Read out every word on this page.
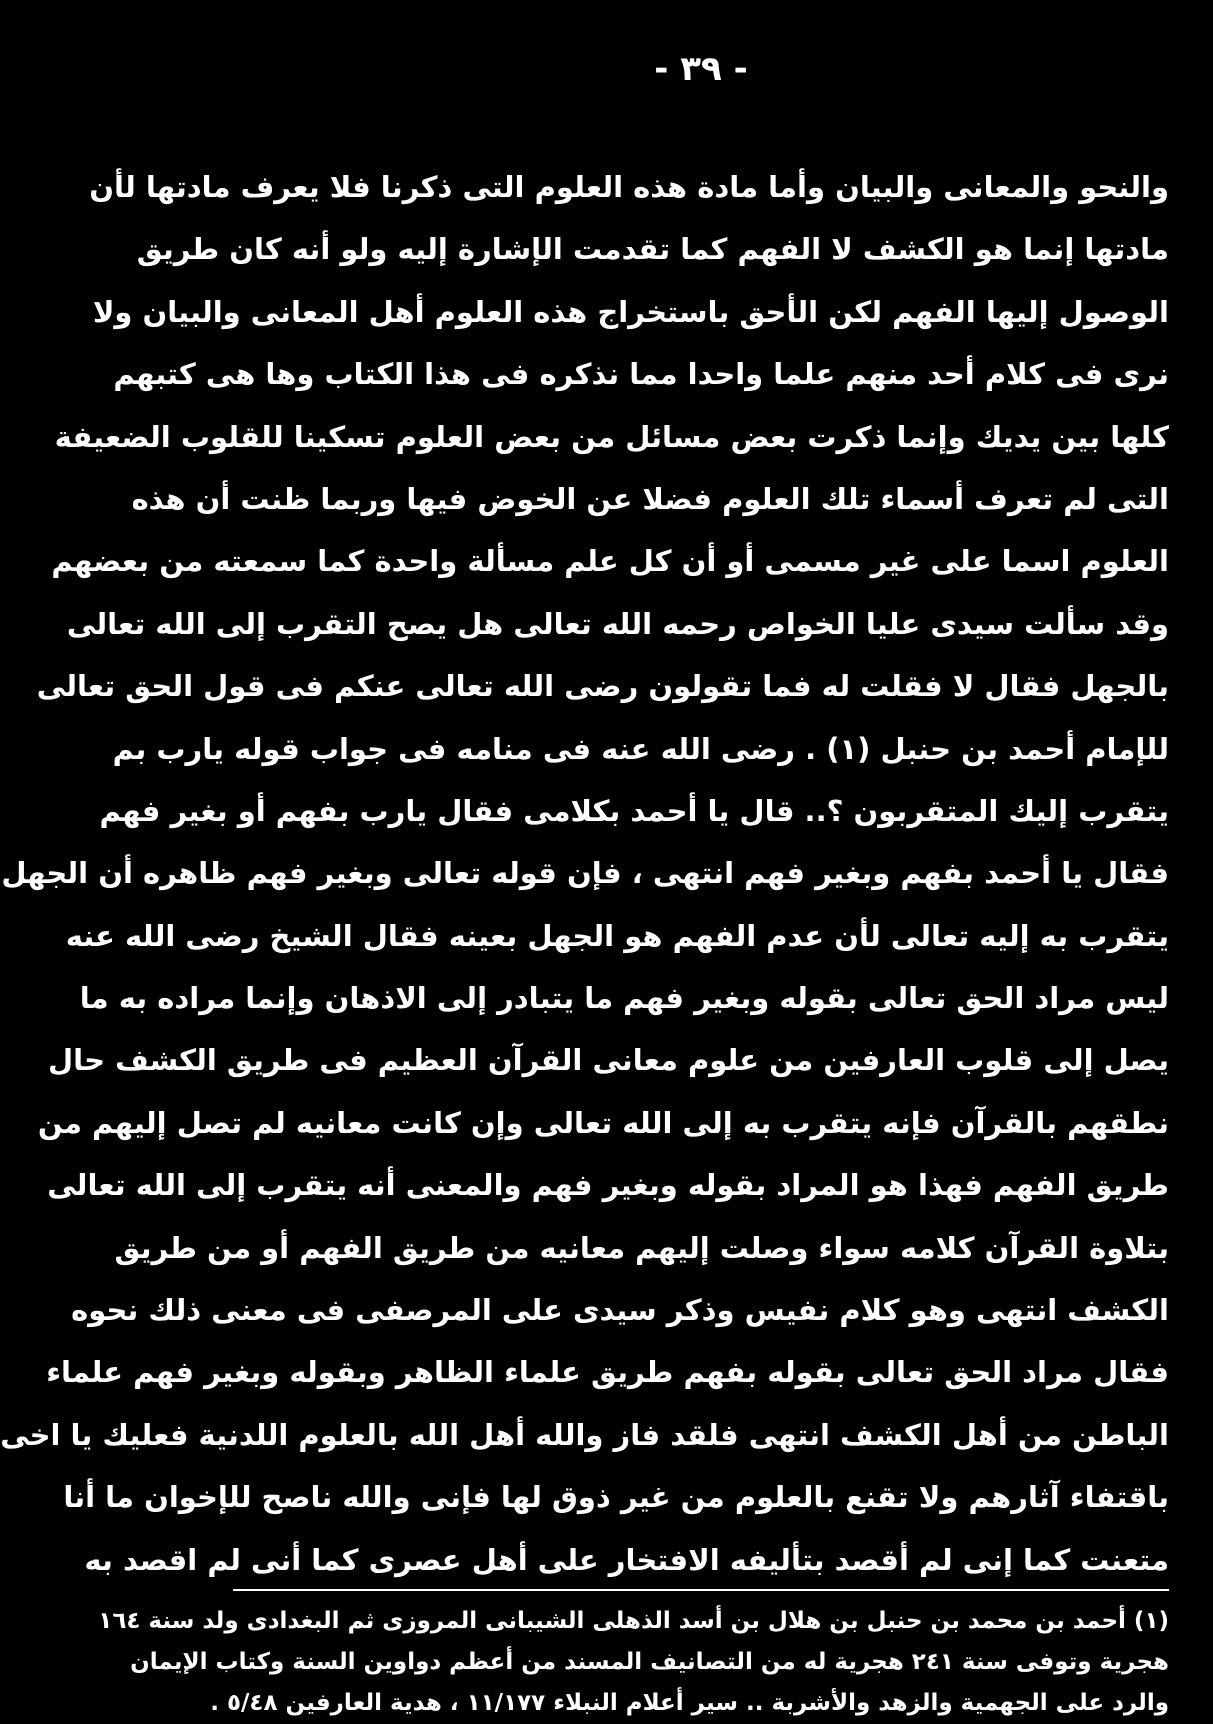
- ٣٩ -
والنحو والمعانى والبيان وأما مادة هذه العلوم التى ذكرنا فلا يعرف مادتها لأن
مادتها إنما هو الكشف لا الفهم كما تقدمت الإشارة إليه ولو أنه كان طريق
الوصول إليها الفهم لكن الأحق باستخراج هذه العلوم أهل المعانى والبيان ولا
نرى فى كلام أحد منهم علما واحدا مما نذكره فى هذا الكتاب وها هى كتبهم
كلها بين يديك وإنما ذكرت بعض مسائل من بعض العلوم تسكينا للقلوب الضعيفة
التى لم تعرف أسماء تلك العلوم فضلا عن الخوض فيها وربما ظنت أن هذه
العلوم اسما على غير مسمى أو أن كل علم مسألة واحدة كما سمعته من بعضهم
وقد سألت سيدى عليا الخواص رحمه الله تعالى هل يصح التقرب إلى الله تعالى
بالجهل فقال لا فقلت له فما تقولون رضى الله تعالى عنكم فى قول الحق تعالى
للإمام أحمد بن حنبل (١) . رضى الله عنه فى منامه فى جواب قوله يارب بم
يتقرب إليك المتقربون ؟.. قال يا أحمد بكلامى فقال يارب بفهم أو بغير فهم
فقال يا أحمد بفهم وبغير فهم انتهى ، فإن قوله تعالى وبغير فهم ظاهره أن الجهل
يتقرب به إليه تعالى لأن عدم الفهم هو الجهل بعينه فقال الشيخ رضى الله عنه
ليس مراد الحق تعالى بقوله وبغير فهم ما يتبادر إلى الاذهان وإنما مراده به ما
يصل إلى قلوب العارفين من علوم معانى القرآن العظيم فى طريق الكشف حال
نطقهم بالقرآن فإنه يتقرب به إلى الله تعالى وإن كانت معانيه لم تصل إليهم من
طريق الفهم فهذا هو المراد بقوله وبغير فهم والمعنى أنه يتقرب إلى الله تعالى
بتلاوة القرآن كلامه سواء وصلت إليهم معانيه من طريق الفهم أو من طريق
الكشف انتهى وهو كلام نفيس وذكر سيدى على المرصفى فى معنى ذلك نحوه
فقال مراد الحق تعالى بقوله بفهم طريق علماء الظاهر وبقوله وبغير فهم علماء
الباطن من أهل الكشف انتهى فلقد فاز والله أهل الله بالعلوم اللدنية فعليك يا اخى
باقتفاء آثارهم ولا تقنع بالعلوم من غير ذوق لها فإنى والله ناصح للإخوان ما أنا
متعنت كما إنى لم أقصد بتأليفه الافتخار على أهل عصرى كما أنى لم اقصد به
(١) أحمد بن محمد بن حنبل بن هلال بن أسد الذهلى الشيبانى المروزى ثم البغدادى ولد سنة ١٦٤
هجرية وتوفى سنة ٢٤١ هجرية له من التصانيف المسند من أعظم دواوين السنة وكتاب الإيمان
والرد على الجهمية والزهد والأشربة .. سير أعلام النبلاء ١١/١٧٧ ، هدية العارفين ٥/٤٨ .
